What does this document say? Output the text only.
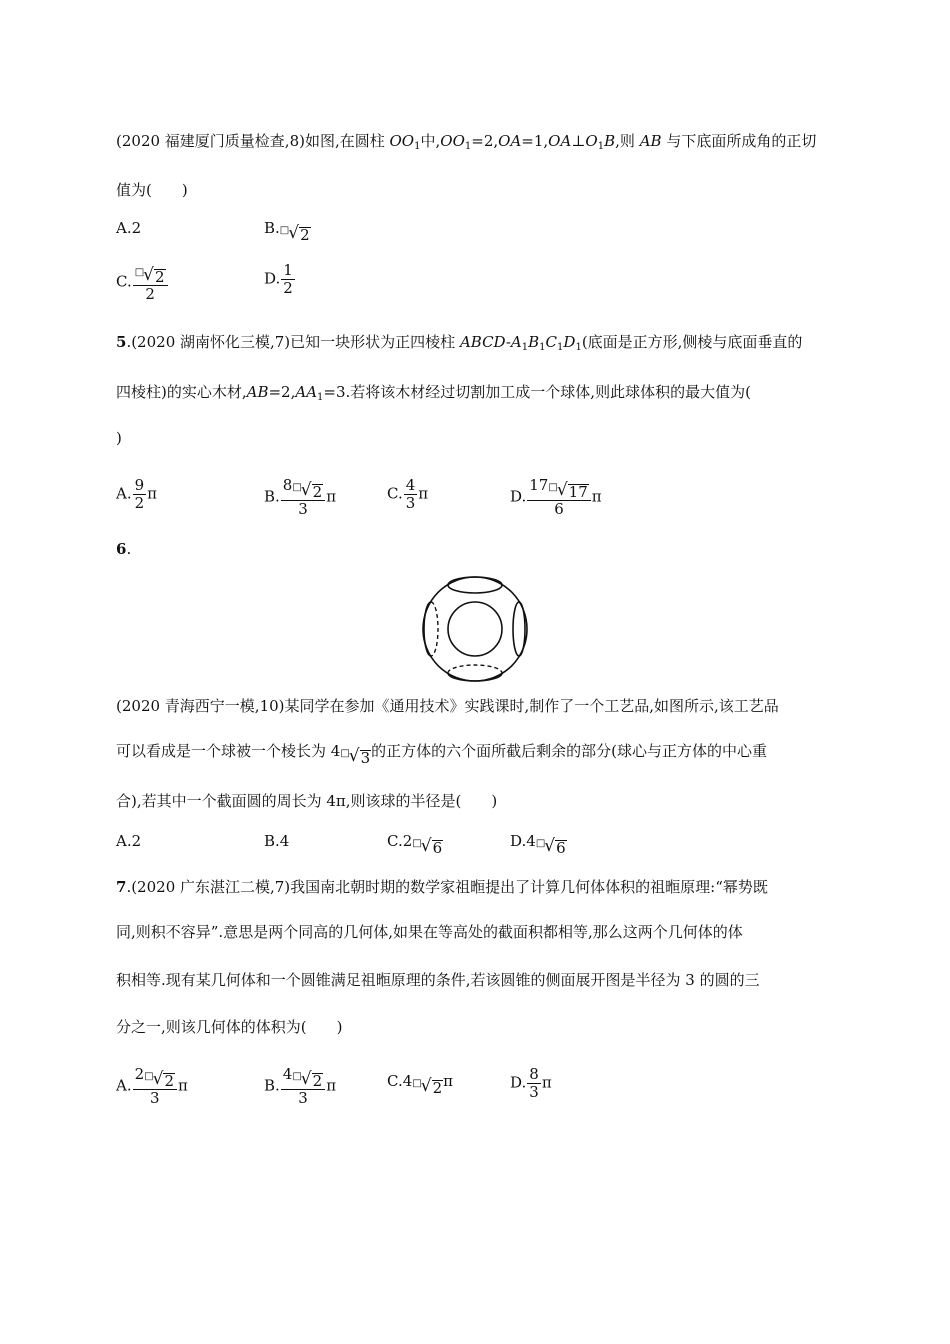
(2020 福建厦门质量检查,8)如图,在圆柱 $OO_1$中$,OO_1=2,OA=1,OA\perp O_1B$,则 AB 与下底面所成角的正切
值为(　　)
A.2	B. □ √ 2
C. $\frac{□ √ 2}{2}$	D. $\frac{1}{2}$
5.(2020 湖南怀化三模,7)已知一块形状为正四棱柱 ABCD-$A_1B_1C_1D_1$(底面是正方形,侧棱与底面垂直的
四棱柱)的实心木材$,AB=2,AA_1=3$.若将该木材经过切割加工成一个球体,则此球体积的最大值为(
)
A. $\frac{9}{2}$ π	B. $\frac{8 □ √ 2}{3}$ π	C. $\frac{4}{3}$ π	D. $\frac{17 □ √ 17}{6}$ π
6.
(2020 青海西宁一模,10)某同学在参加《通用技术》实践课时,制作了一个工艺品,如图所示,该工艺品
可以看成是一个球被一个棱长为 4 □ √ 3 的正方体的六个面所截后剩余的部分(球心与正方体的中心重
合),若其中一个截面圆的周长为 4π,则该球的半径是(　　)
A.2	B.4	C.2 □ √ 6	D.4 □ √ 6
7.(2020 广东湛江二模,7)我国南北朝时期的数学家祖暅提出了计算几何体体积的祖暅原理:“幂势既
同,则积不容异”.意思是两个同高的几何体,如果在等高处的截面积都相等,那么这两个几何体的体
积相等.现有某几何体和一个圆锥满足祖暅原理的条件,若该圆锥的侧面展开图是半径为 3 的圆的三
分之一,则该几何体的体积为(　　)
A. $\frac{2 □ √ 2}{3}$ π	B. $\frac{4 □ √ 2}{3}$ π	C.4 □ √ 2 π	D. $\frac{8}{3}$ π
